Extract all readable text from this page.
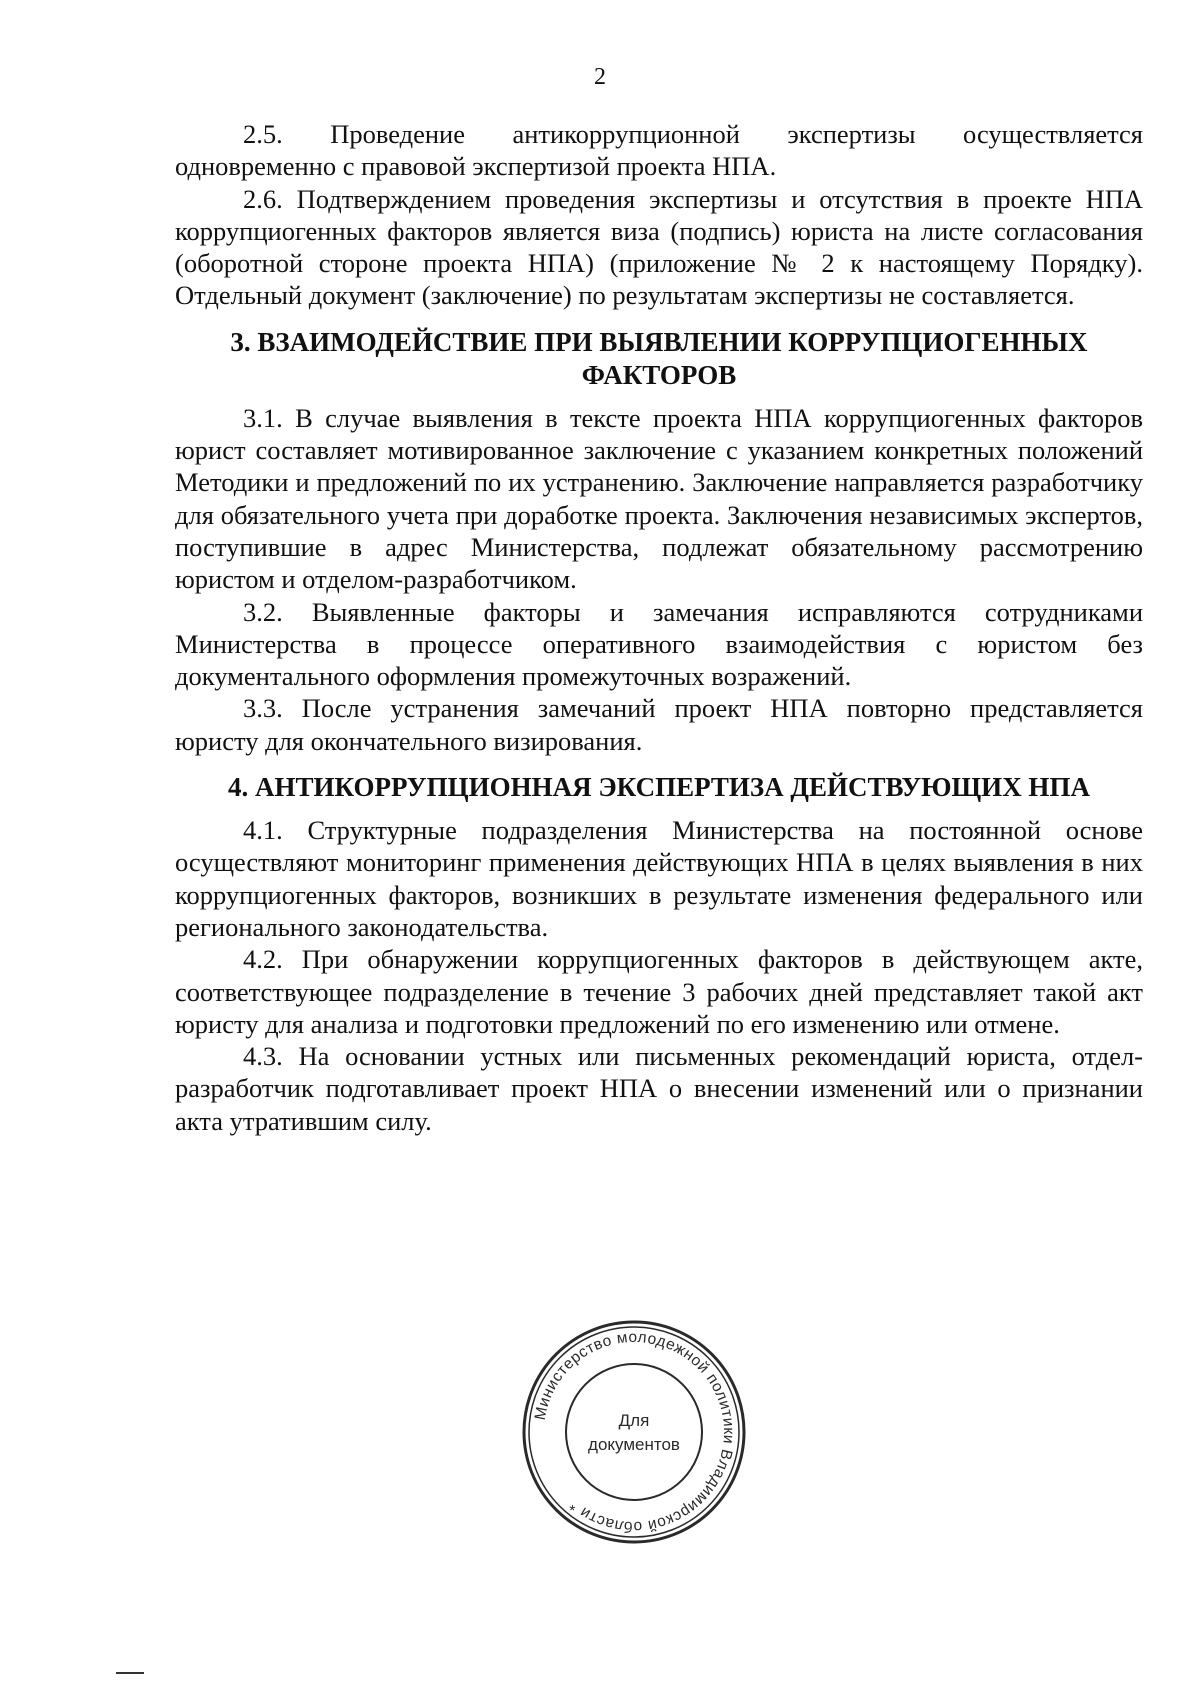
2

2.5. Проведение антикоррупционной экспертизы осуществляется одновременно с правовой экспертизой проекта НПА.

2.6. Подтверждением проведения экспертизы и отсутствия в проекте НПА коррупциогенных факторов является виза (подпись) юриста на листе согласования (оборотной стороне проекта НПА) (приложение № 2 к настоящему Порядку). Отдельный документ (заключение) по результатам экспертизы не составляется.

3. ВЗАИМОДЕЙСТВИЕ ПРИ ВЫЯВЛЕНИИ КОРРУПЦИОГЕННЫХ ФАКТОРОВ

3.1. В случае выявления в тексте проекта НПА коррупциогенных факторов юрист составляет мотивированное заключение с указанием конкретных положений Методики и предложений по их устранению. Заключение направляется разработчику для обязательного учета при доработке проекта. Заключения независимых экспертов, поступившие в адрес Министерства, подлежат обязательному рассмотрению юристом и отделом-разработчиком.

3.2. Выявленные факторы и замечания исправляются сотрудниками Министерства в процессе оперативного взаимодействия с юристом без документального оформления промежуточных возражений.

3.3. После устранения замечаний проект НПА повторно представляется юристу для окончательного визирования.

4. АНТИКОРРУПЦИОННАЯ ЭКСПЕРТИЗА ДЕЙСТВУЮЩИХ НПА

4.1. Структурные подразделения Министерства на постоянной основе осуществляют мониторинг применения действующих НПА в целях выявления в них коррупциогенных факторов, возникших в результате изменения федерального или регионального законодательства.

4.2. При обнаружении коррупциогенных факторов в действующем акте, соответствующее подразделение в течение 3 рабочих дней представляет такой акт юристу для анализа и подготовки предложений по его изменению или отмене.

4.3. На основании устных или письменных рекомендаций юриста, отдел-разработчик подготавливает проект НПА о внесении изменений или о признании акта утратившим силу.

Министерство молодежной политики Владимирской области *
Для
документов
